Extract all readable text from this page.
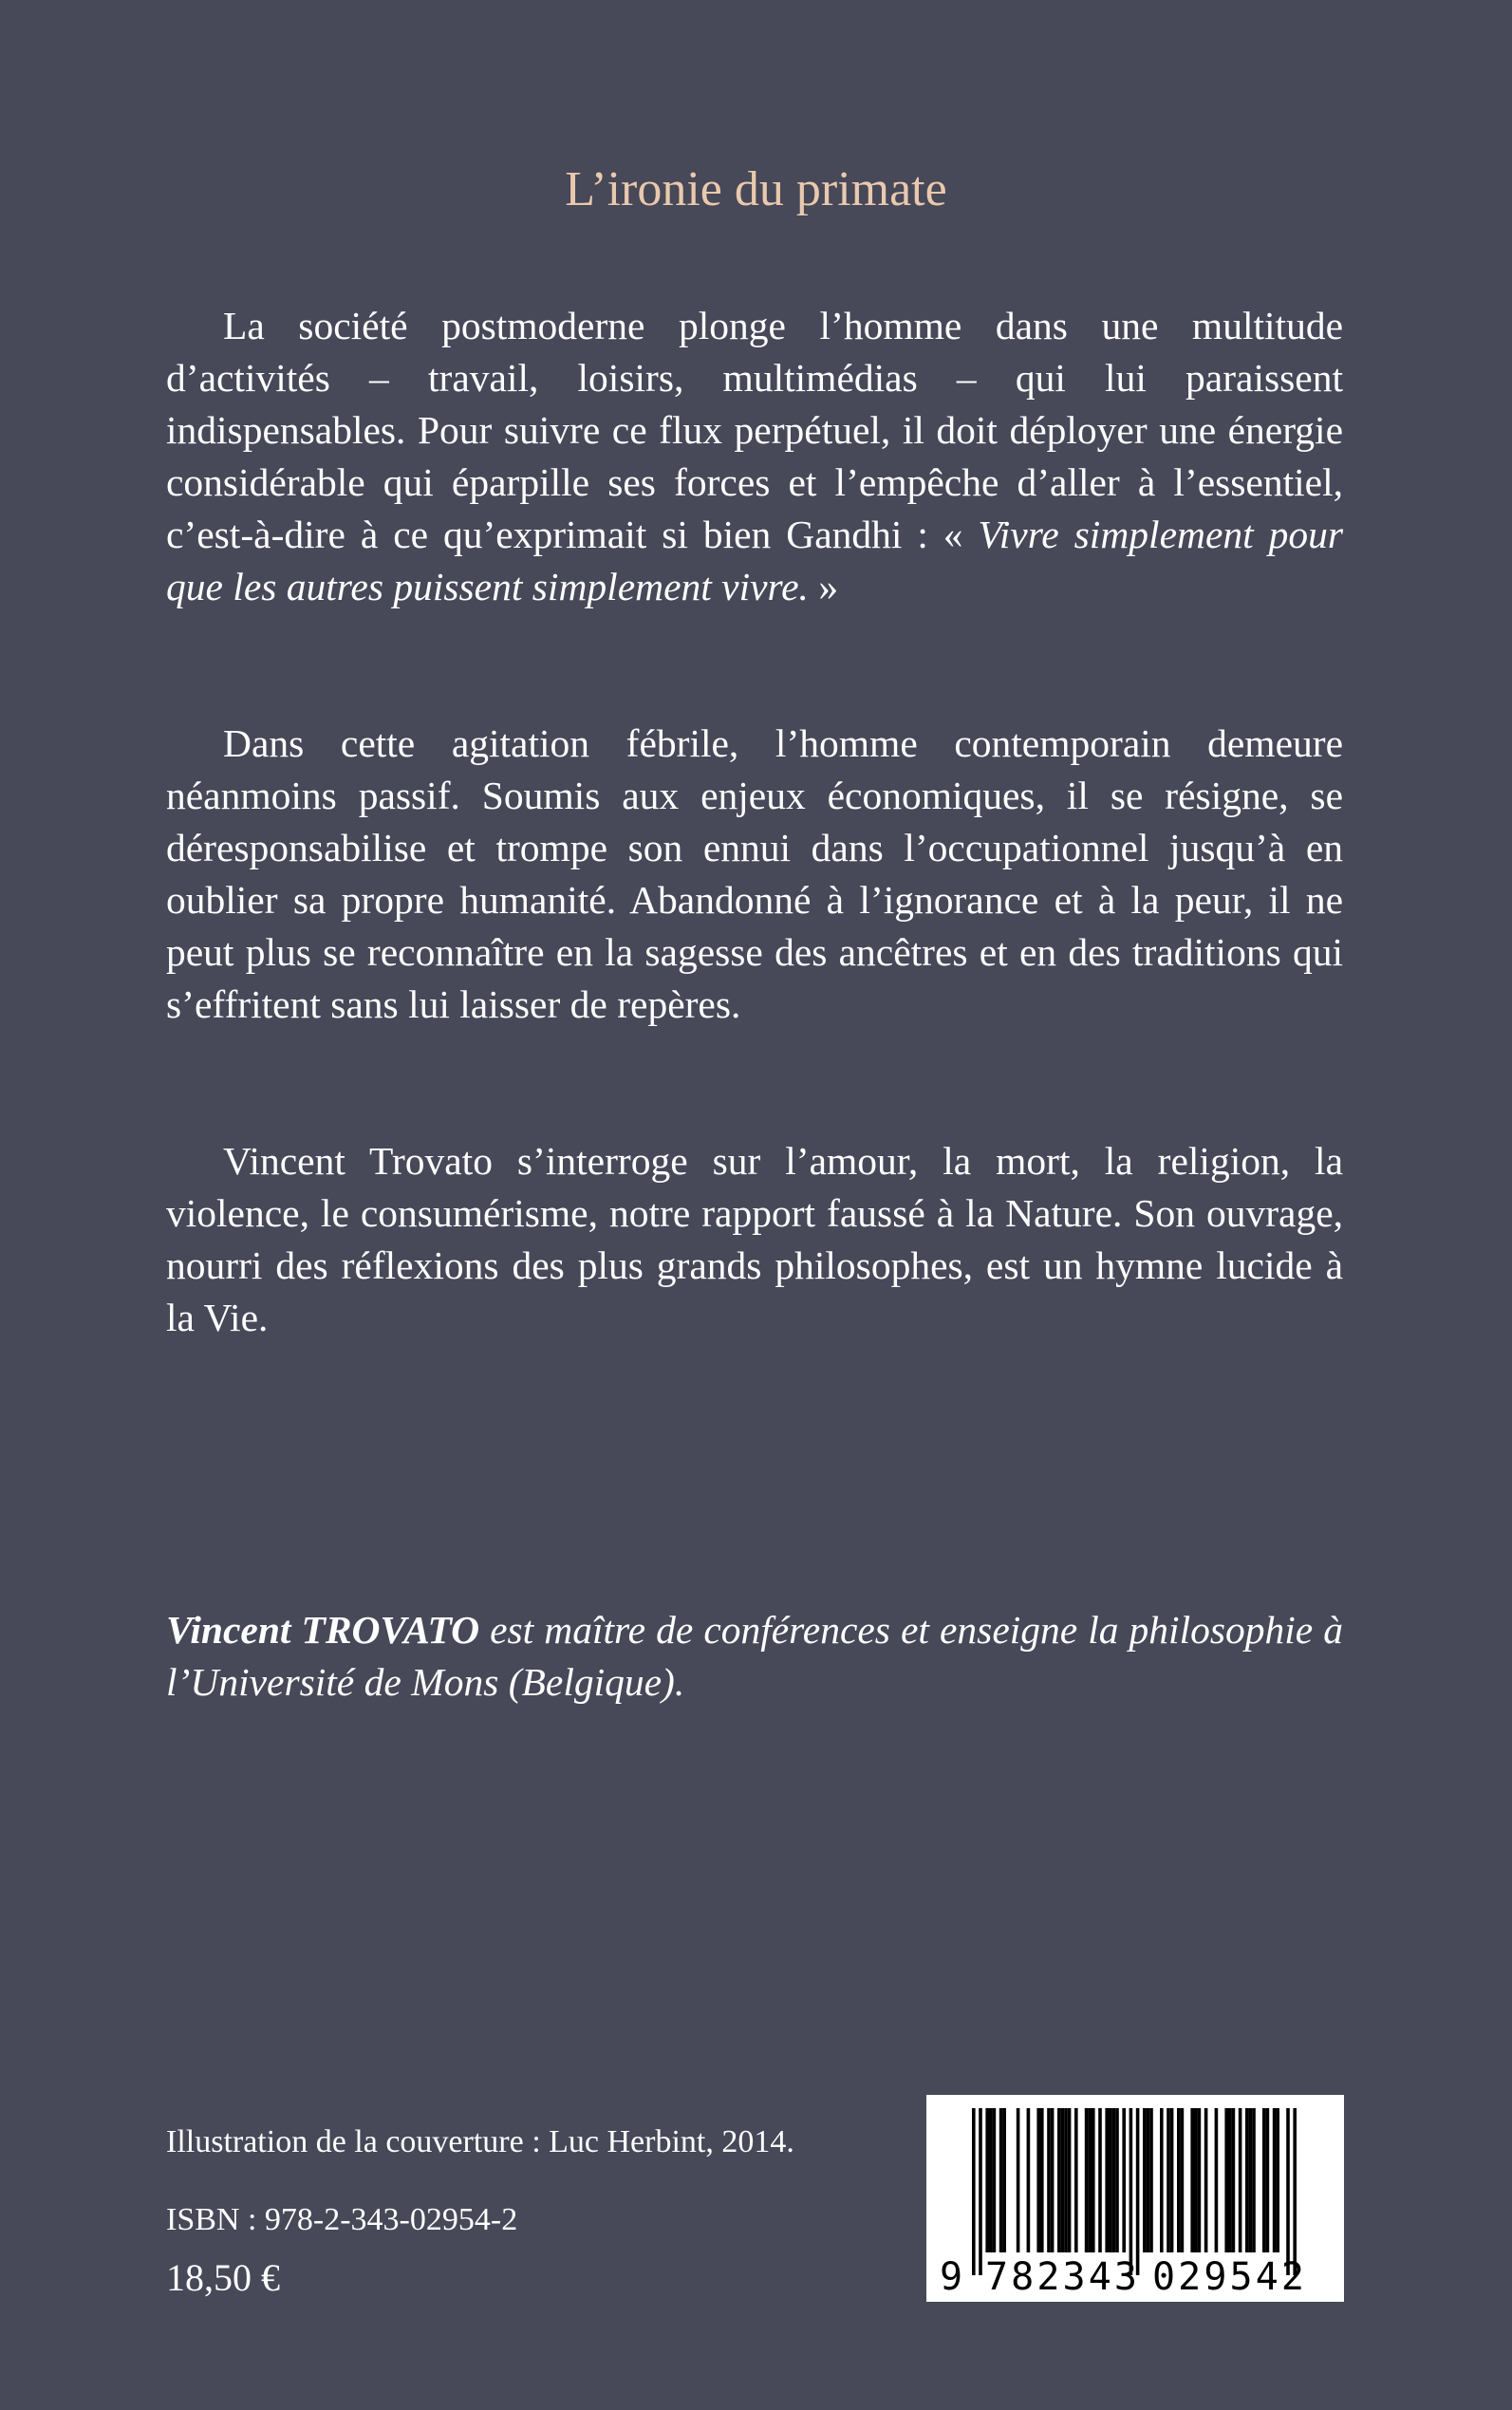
L’ironie du primate

La société postmoderne plonge l’homme dans une multitude d’activités – travail, loisirs, multimédias – qui lui paraissent indispensables. Pour suivre ce flux perpétuel, il doit déployer une énergie considérable qui éparpille ses forces et l’empêche d’aller à l’essentiel, c’est-à-dire à ce qu’exprimait si bien Gandhi : « Vivre simplement pour que les autres puissent simplement vivre. »

Dans cette agitation fébrile, l’homme contemporain demeure néanmoins passif. Soumis aux enjeux économiques, il se résigne, se déresponsabilise et trompe son ennui dans l’occupationnel jusqu’à en oublier sa propre humanité. Abandonné à l’ignorance et à la peur, il ne peut plus se reconnaître en la sagesse des ancêtres et en des traditions qui s’effritent sans lui laisser de repères.

Vincent Trovato s’interroge sur l’amour, la mort, la religion, la violence, le consumérisme, notre rapport faussé à la Nature. Son ouvrage, nourri des réflexions des plus grands philosophes, est un hymne lucide à la Vie.

Vincent TROVATO est maître de conférences et enseigne la philosophie à l’Université de Mons (Belgique).
Illustration de la couverture : Luc Herbint, 2014.
ISBN : 978-2-343-02954-2
18,50 €	9 782343 029542
